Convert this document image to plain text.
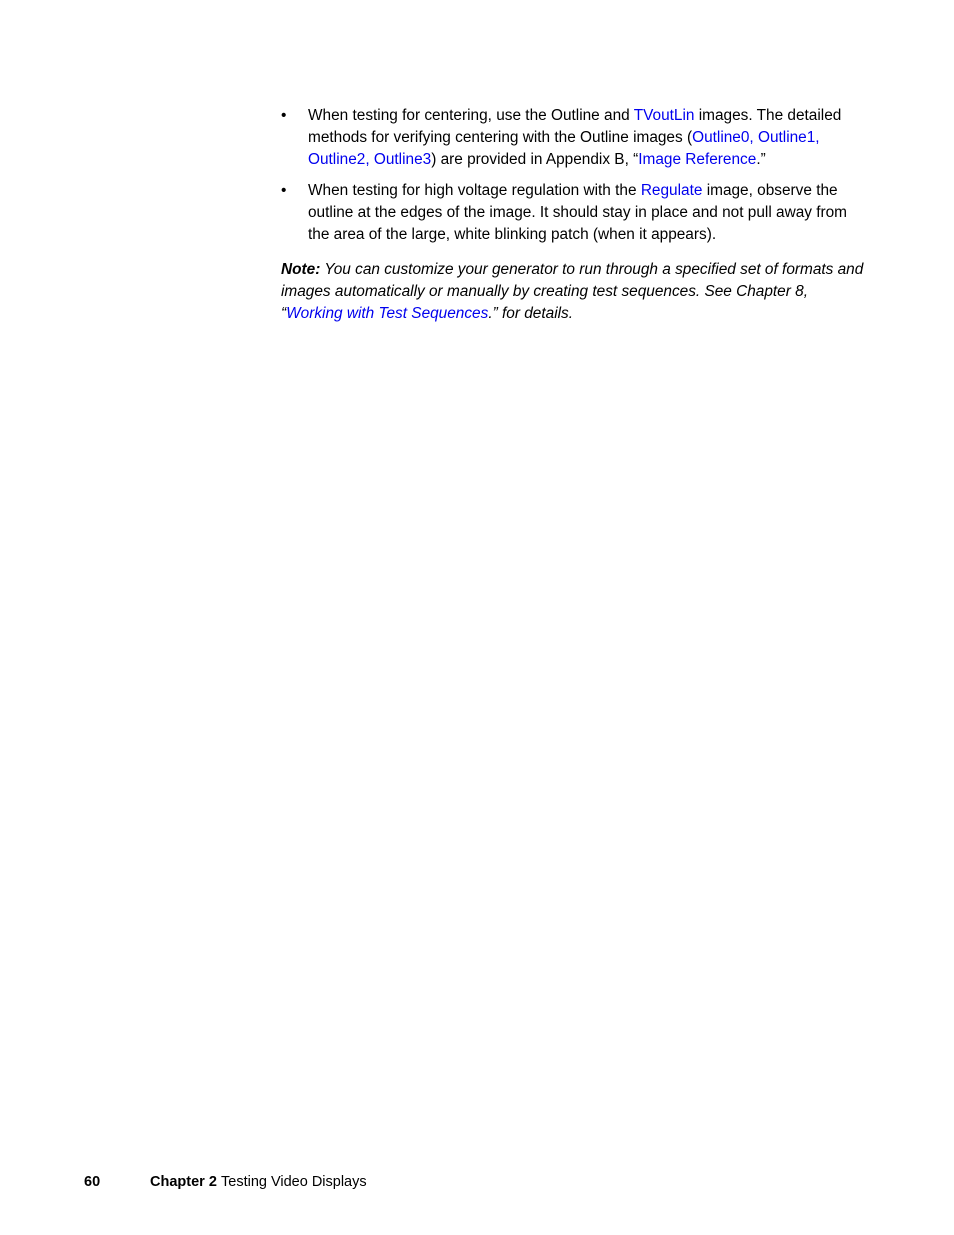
• When testing for centering, use the Outline and TVoutLin images. The detailed methods for verifying centering with the Outline images (Outline0, Outline1, Outline2, Outline3) are provided in Appendix B, “Image Reference.”
• When testing for high voltage regulation with the Regulate image, observe the outline at the edges of the image. It should stay in place and not pull away from the area of the large, white blinking patch (when it appears).
Note: You can customize your generator to run through a specified set of formats and images automatically or manually by creating test sequences. See Chapter 8, “Working with Test Sequences.” for details.
60	Chapter 2 Testing Video Displays
